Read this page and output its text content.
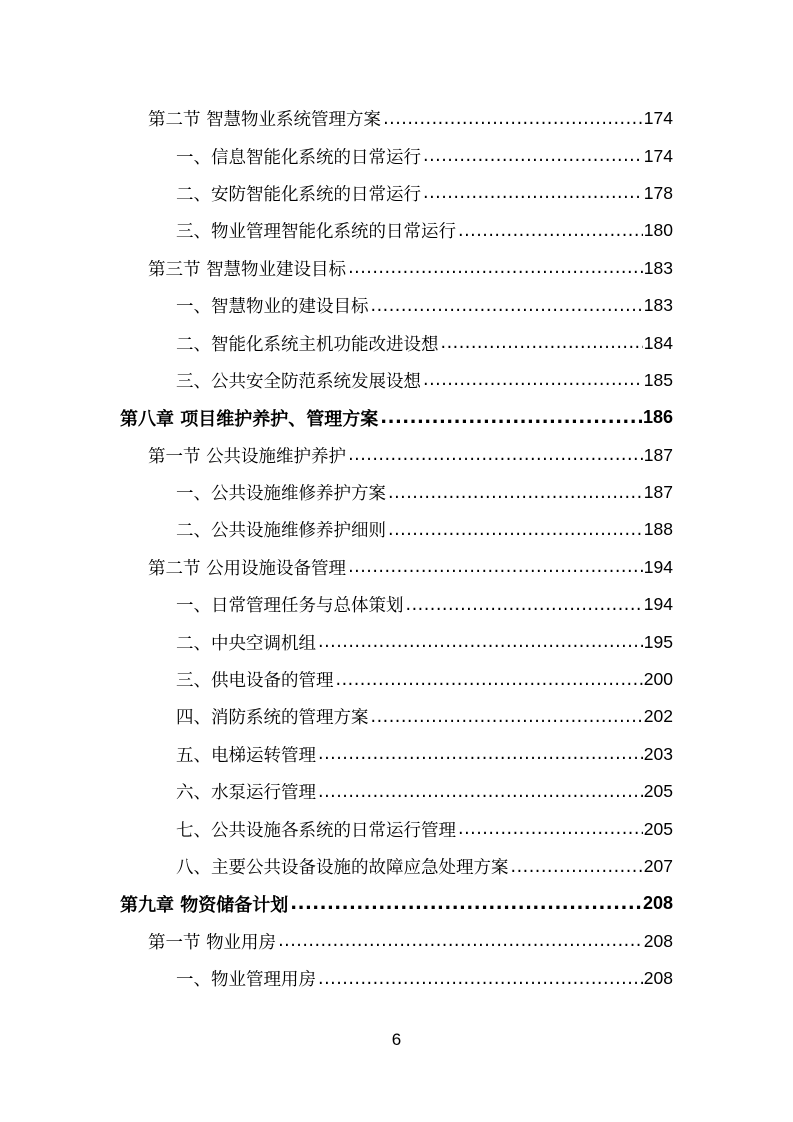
第二节 智慧物业系统管理方案 .....	174
一、信息智能化系统的日常运行 .....	174
二、安防智能化系统的日常运行 .....	178
三、物业管理智能化系统的日常运行 .....	180
第三节 智慧物业建设目标 .....	183
一、智慧物业的建设目标 .....	183
二、智能化系统主机功能改进设想 .....	184
三、公共安全防范系统发展设想 .....	185
第八章 项目维护养护、管理方案 .....	186
第一节 公共设施维护养护 .....	187
一、公共设施维修养护方案 .....	187
二、公共设施维修养护细则 .....	188
第二节 公用设施设备管理 .....	194
一、日常管理任务与总体策划 .....	194
二、中央空调机组 .....	195
三、供电设备的管理 .....	200
四、消防系统的管理方案 .....	202
五、电梯运转管理 .....	203
六、水泵运行管理 .....	205
七、公共设施各系统的日常运行管理 .....	205
八、主要公共设备设施的故障应急处理方案 .....	207
第九章 物资储备计划 .....	208
第一节 物业用房 .....	208
一、物业管理用房 .....	208
6
